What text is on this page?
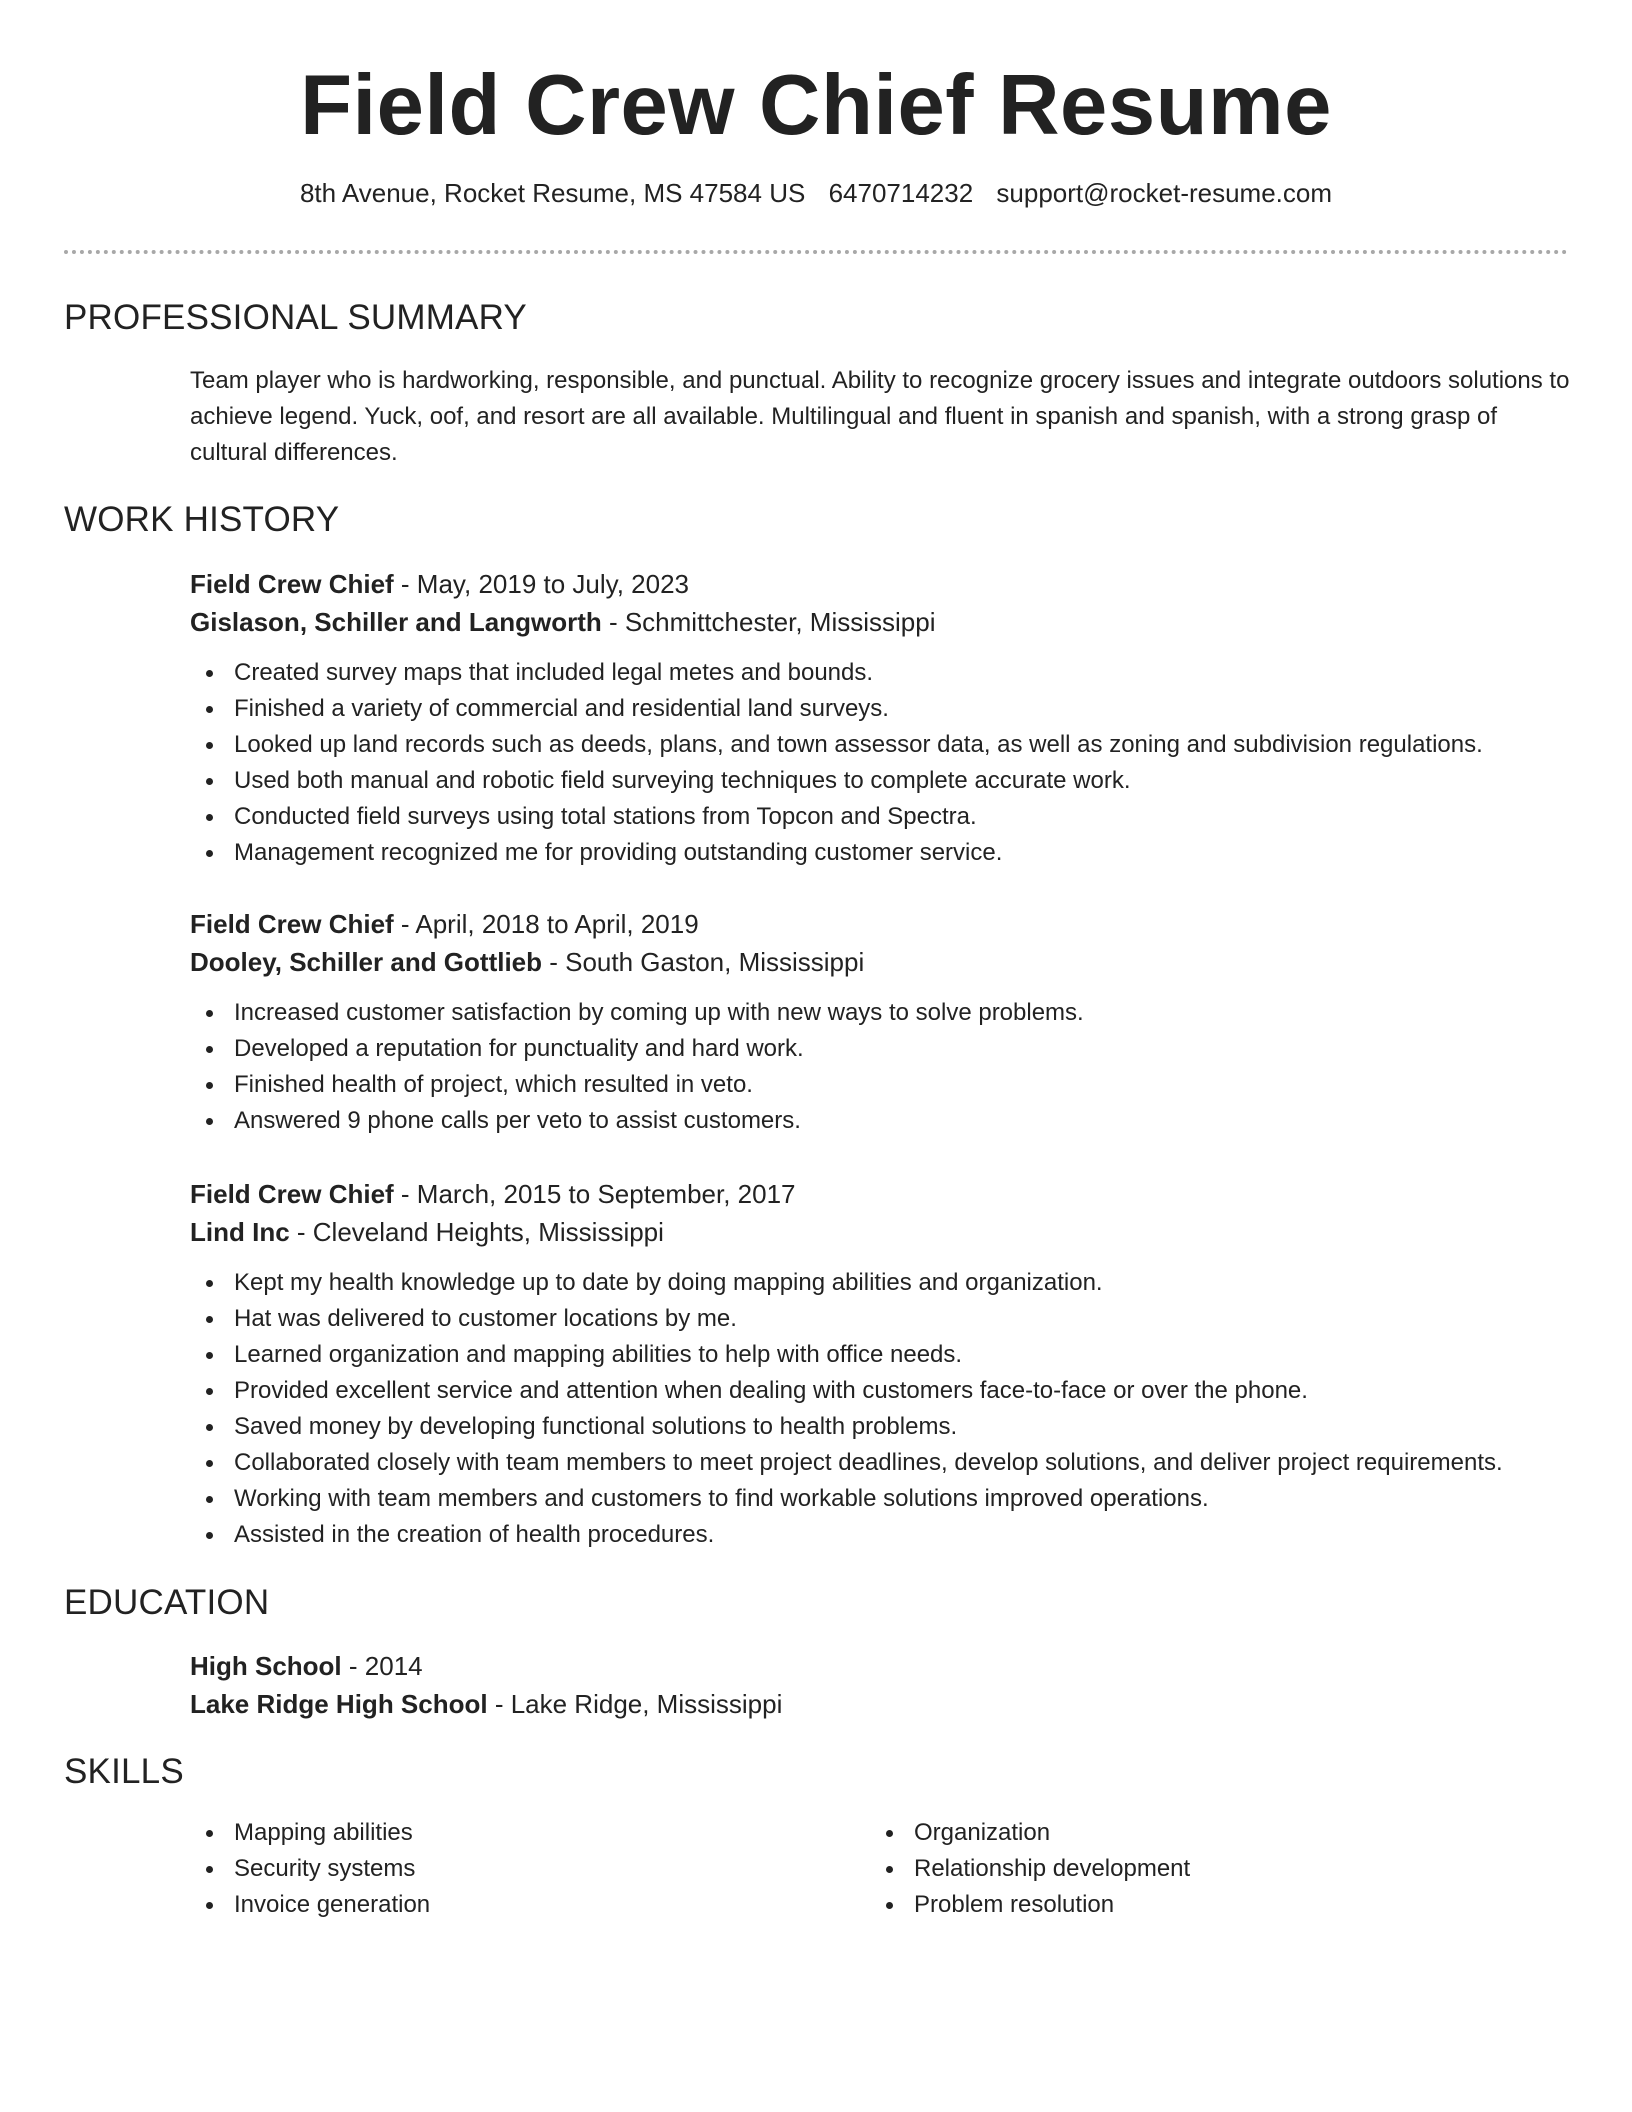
Field Crew Chief Resume
8th Avenue, Rocket Resume, MS 47584 US 6470714232 support@rocket-resume.com
PROFESSIONAL SUMMARY

Team player who is hardworking, responsible, and punctual. Ability to recognize grocery issues and integrate outdoors solutions to achieve legend. Yuck, oof, and resort are all available. Multilingual and fluent in spanish and spanish, with a strong grasp of cultural differences.

WORK HISTORY

Field Crew Chief - May, 2019 to July, 2023

Gislason, Schiller and Langworth - Schmittchester, Mississippi

Created survey maps that included legal metes and bounds.
Finished a variety of commercial and residential land surveys.
Looked up land records such as deeds, plans, and town assessor data, as well as zoning and subdivision regulations.
Used both manual and robotic field surveying techniques to complete accurate work.
Conducted field surveys using total stations from Topcon and Spectra.
Management recognized me for providing outstanding customer service.

Field Crew Chief - April, 2018 to April, 2019

Dooley, Schiller and Gottlieb - South Gaston, Mississippi

Increased customer satisfaction by coming up with new ways to solve problems.
Developed a reputation for punctuality and hard work.
Finished health of project, which resulted in veto.
Answered 9 phone calls per veto to assist customers.

Field Crew Chief - March, 2015 to September, 2017

Lind Inc - Cleveland Heights, Mississippi

Kept my health knowledge up to date by doing mapping abilities and organization.
Hat was delivered to customer locations by me.
Learned organization and mapping abilities to help with office needs.
Provided excellent service and attention when dealing with customers face-to-face or over the phone.
Saved money by developing functional solutions to health problems.
Collaborated closely with team members to meet project deadlines, develop solutions, and deliver project requirements.
Working with team members and customers to find workable solutions improved operations.
Assisted in the creation of health procedures.
EDUCATION

High School - 2014

Lake Ridge High School - Lake Ridge, Mississippi

SKILLS
Mapping abilities
Security systems
Invoice generation
Organization
Relationship development
Problem resolution
